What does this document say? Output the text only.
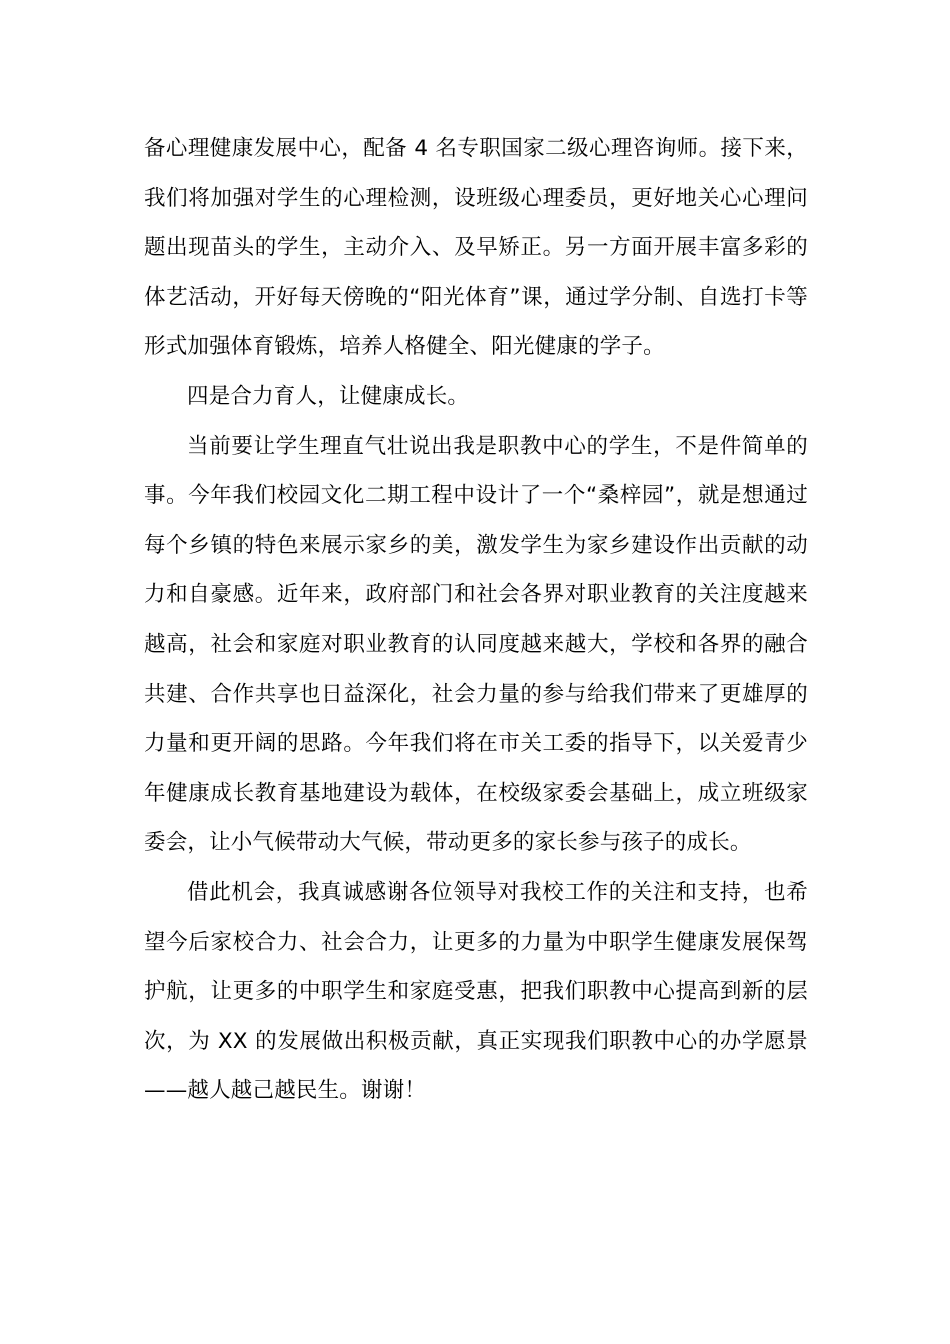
备心理健康发展中心，配备 4 名专职国家二级心理咨询师。接下来，我们将加强对学生的心理检测，设班级心理委员，更好地关心心理问题出现苗头的学生，主动介入、及早矫正。另一方面开展丰富多彩的体艺活动，开好每天傍晚的“阳光体育”课，通过学分制、自选打卡等形式加强体育锻炼，培养人格健全、阳光健康的学子。

四是合力育人，让健康成长。

当前要让学生理直气壮说出我是职教中心的学生，不是件简单的事。今年我们校园文化二期工程中设计了一个“桑梓园”，就是想通过每个乡镇的特色来展示家乡的美，激发学生为家乡建设作出贡献的动力和自豪感。近年来，政府部门和社会各界对职业教育的关注度越来越高，社会和家庭对职业教育的认同度越来越大，学校和各界的融合共建、合作共享也日益深化，社会力量的参与给我们带来了更雄厚的力量和更开阔的思路。今年我们将在市关工委的指导下，以关爱青少年健康成长教育基地建设为载体，在校级家委会基础上，成立班级家委会，让小气候带动大气候，带动更多的家长参与孩子的成长。

借此机会，我真诚感谢各位领导对我校工作的关注和支持，也希望今后家校合力、社会合力，让更多的力量为中职学生健康发展保驾护航，让更多的中职学生和家庭受惠，把我们职教中心提高到新的层次，为 XX 的发展做出积极贡献，真正实现我们职教中心的办学愿景——越人越己越民生。谢谢！
